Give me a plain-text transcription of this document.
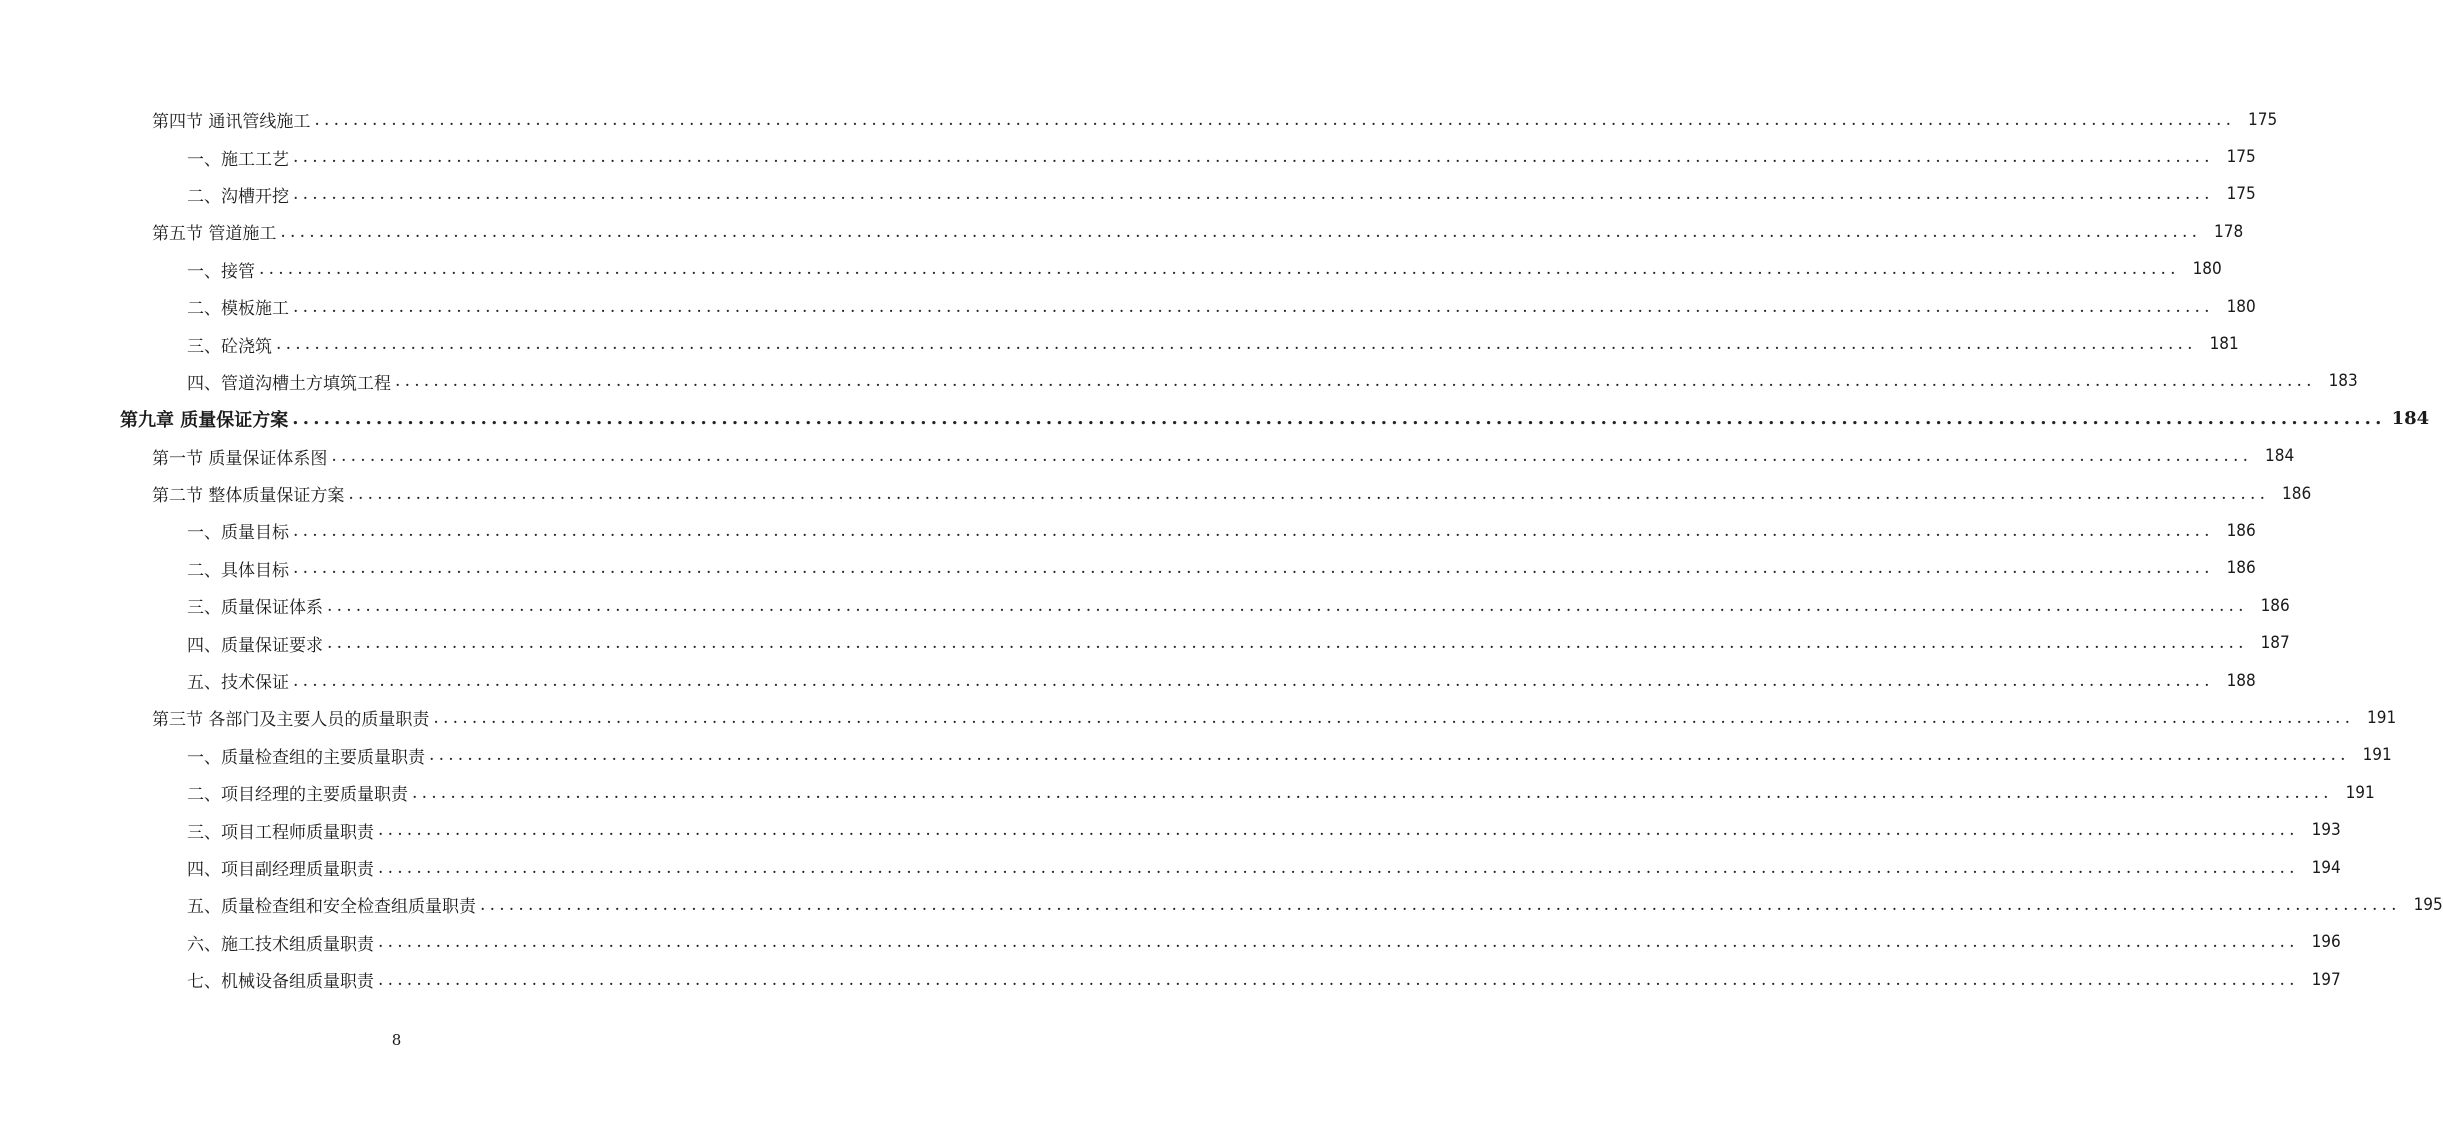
第四节 通讯管线施工 ........................................................................................................................................................................................................ 175
一、施工工艺 ........................................................................................................................................................................................................ 175
二、沟槽开挖 ........................................................................................................................................................................................................ 175
第五节 管道施工 ........................................................................................................................................................................................................ 178
一、接管 ........................................................................................................................................................................................................ 180
二、模板施工 ........................................................................................................................................................................................................ 180
三、砼浇筑 ........................................................................................................................................................................................................ 181
四、管道沟槽土方填筑工程 ........................................................................................................................................................................................................ 183
第九章 质量保证方案 ........................................................................................................................................................................................................ 184
第一节 质量保证体系图 ........................................................................................................................................................................................................ 184
第二节 整体质量保证方案 ........................................................................................................................................................................................................ 186
一、质量目标 ........................................................................................................................................................................................................ 186
二、具体目标 ........................................................................................................................................................................................................ 186
三、质量保证体系 ........................................................................................................................................................................................................ 186
四、质量保证要求 ........................................................................................................................................................................................................ 187
五、技术保证 ........................................................................................................................................................................................................ 188
第三节 各部门及主要人员的质量职责 ........................................................................................................................................................................................................ 191
一、质量检查组的主要质量职责 ........................................................................................................................................................................................................ 191
二、项目经理的主要质量职责 ........................................................................................................................................................................................................ 191
三、项目工程师质量职责 ........................................................................................................................................................................................................ 193
四、项目副经理质量职责 ........................................................................................................................................................................................................ 194
五、质量检查组和安全检查组质量职责 ........................................................................................................................................................................................................ 195
六、施工技术组质量职责 ........................................................................................................................................................................................................ 196
七、机械设备组质量职责 ........................................................................................................................................................................................................ 197
8
